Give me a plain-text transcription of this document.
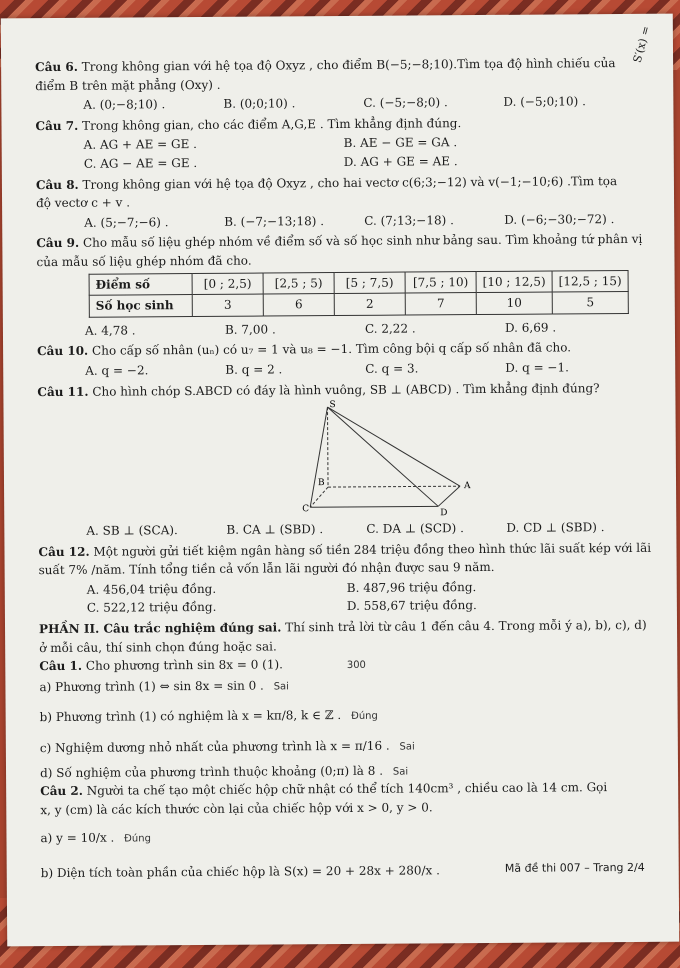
S′(x) =

Câu 6. Trong không gian với hệ tọa độ Oxyz , cho điểm B(−5;−8;10).Tìm tọa độ hình chiếu của

điểm B trên mặt phẳng (Oxy) .

A. (0;−8;10) .	B. (0;0;10) .	C. (−5;−8;0) .	D. (−5;0;10) .

Câu 7. Trong không gian, cho các điểm A,G,E . Tìm khẳng định đúng.

A. AG + AE = GE .	B. AE − GE = GA .
C. AG − AE = GE .	D. AG + GE = AE .

Câu 8. Trong không gian với hệ tọa độ Oxyz , cho hai vectơ c(6;3;−12) và v(−1;−10;6) .Tìm tọa

độ vectơ c + v .

A. (5;−7;−6) .	B. (−7;−13;18) .	C. (7;13;−18) .	D. (−6;−30;−72) .

Câu 9. Cho mẫu số liệu ghép nhóm về điểm số và số học sinh như bảng sau. Tìm khoảng tứ phân vị

của mẫu số liệu ghép nhóm đã cho.

Điểm số	[0 ; 2,5)	[2,5 ; 5)	[5 ; 7,5)	[7,5 ; 10)	[10 ; 12,5)	[12,5 ; 15)
Số học sinh	3	6	2	7	10	5
A. 4,78 .	B. 7,00 .	C. 2,22 .	D. 6,69 .

Câu 10. Cho cấp số nhân (uₙ) có u₇ = 1 và u₈ = −1. Tìm công bội q cấp số nhân đã cho.

A. q = −2.	B. q = 2 .	C. q = 3.	D. q = −1.

Câu 11. Cho hình chóp S.ABCD có đáy là hình vuông, SB ⊥ (ABCD) . Tìm khẳng định đúng?

S
A
B
C	D
A. SB ⊥ (SCA).	B. CA ⊥ (SBD) .	C. DA ⊥ (SCD) .	D. CD ⊥ (SBD) .

Câu 12. Một người gửi tiết kiệm ngân hàng số tiền 284 triệu đồng theo hình thức lãi suất kép với lãi

suất 7% /năm. Tính tổng tiền cả vốn lẫn lãi người đó nhận được sau 9 năm.

A. 456,04 triệu đồng.	B. 487,96 triệu đồng.
C. 522,12 triệu đồng.	D. 558,67 triệu đồng.

PHẦN II. Câu trắc nghiệm đúng sai. Thí sinh trả lời từ câu 1 đến câu 4. Trong mỗi ý a), b), c), d)

ở mỗi câu, thí sinh chọn đúng hoặc sai.

Câu 1. Cho phương trình sin 8x = 0 (1).	300

a) Phương trình (1) ⇔ sin 8x = sin 0 . Sai

b) Phương trình (1) có nghiệm là x = kπ/8, k ∈ ℤ . Đúng

c) Nghiệm dương nhỏ nhất của phương trình là x = π/16 . Sai

d) Số nghiệm của phương trình thuộc khoảng (0;π) là 8 . Sai

Câu 2. Người ta chế tạo một chiếc hộp chữ nhật có thể tích 140cm³ , chiều cao là 14 cm. Gọi

x, y (cm) là các kích thước còn lại của chiếc hộp với x > 0, y > 0.

a) y = 10/x . Đúng

b) Diện tích toàn phần của chiếc hộp là S(x) = 20 + 28x + 280/x .	Mã đề thi 007 – Trang 2/4
